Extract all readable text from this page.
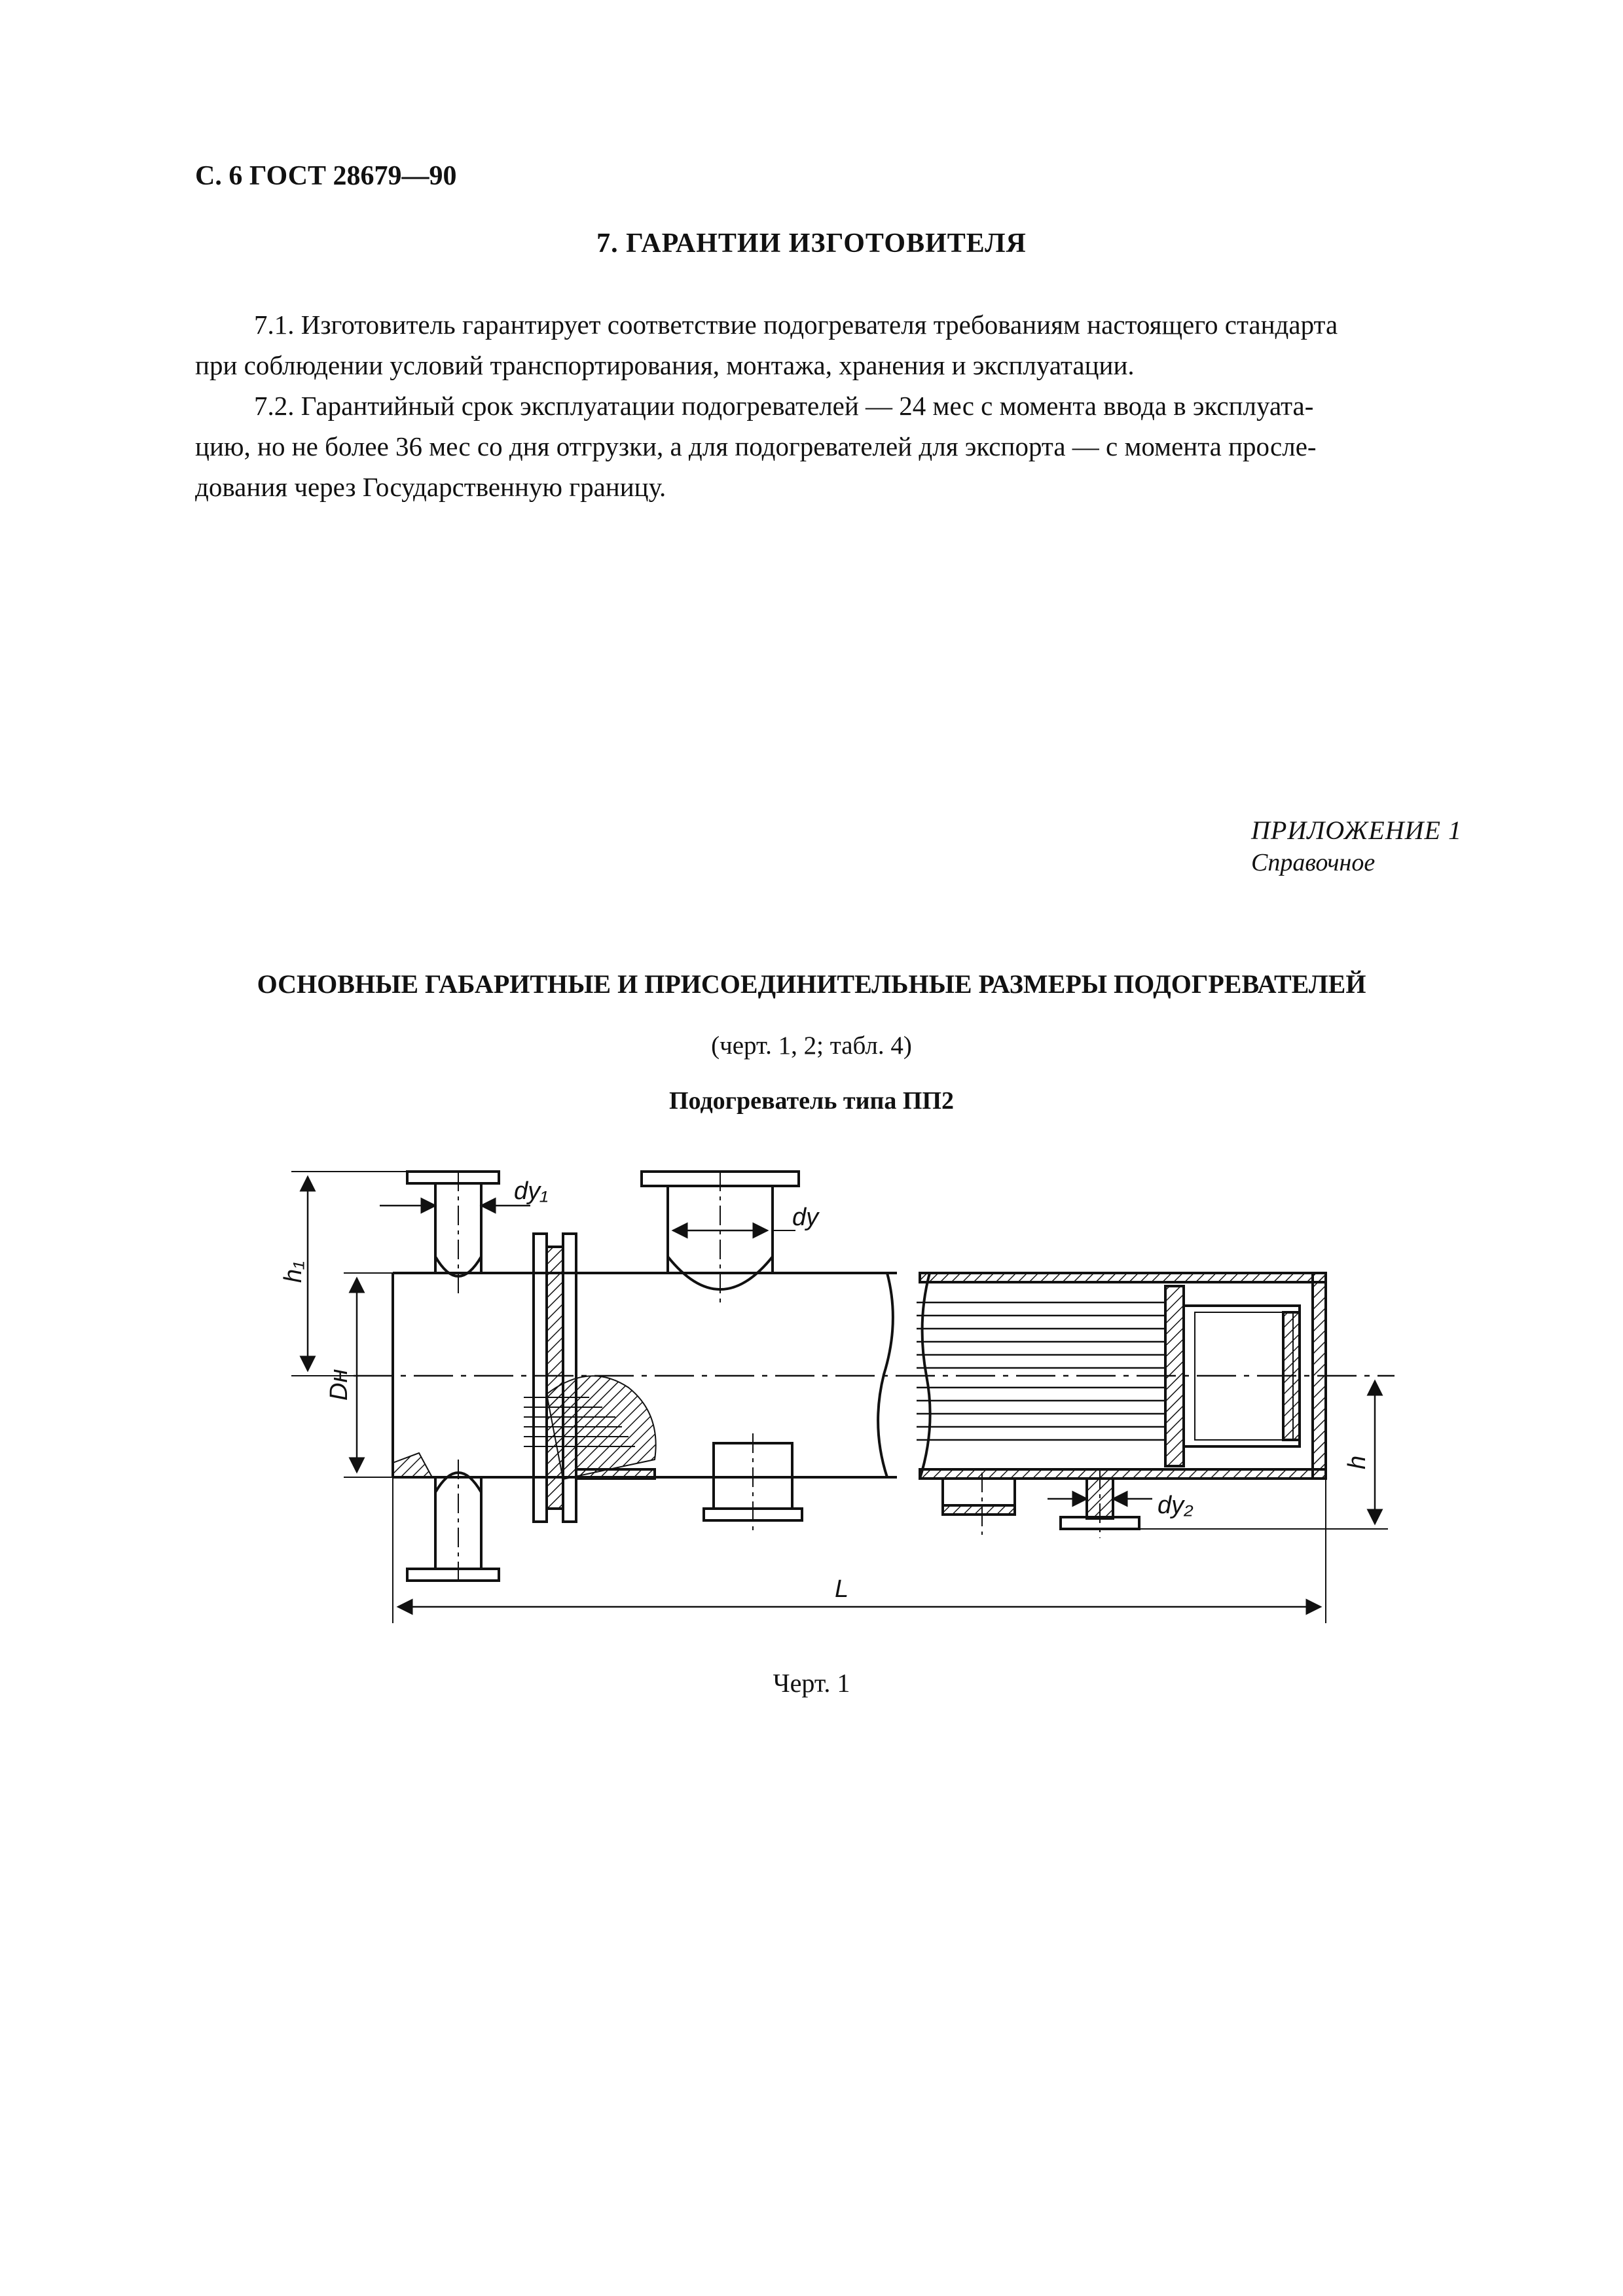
С. 6 ГОСТ 28679—90
7. ГАРАНТИИ ИЗГОТОВИТЕЛЯ
7.1. Изготовитель гарантирует соответствие подогревателя требованиям настоящего стандарта
при соблюдении условий транспортирования, монтажа, хранения и эксплуатации.
7.2. Гарантийный срок эксплуатации подогревателей — 24 мес с момента ввода в эксплуата-
цию, но не более 36 мес со дня отгрузки, а для подогревателей для экспорта — с момента просле-
дования через Государственную границу.
ПРИЛОЖЕНИЕ 1
Справочное
ОСНОВНЫЕ ГАБАРИТНЫЕ И ПРИСОЕДИНИТЕЛЬНЫЕ РАЗМЕРЫ ПОДОГРЕВАТЕЛЕЙ
(черт. 1, 2; табл. 4)
Подогреватель типа ПП2
dy₁
dy
dy₂
h₁
Dн
h
L
Черт. 1
